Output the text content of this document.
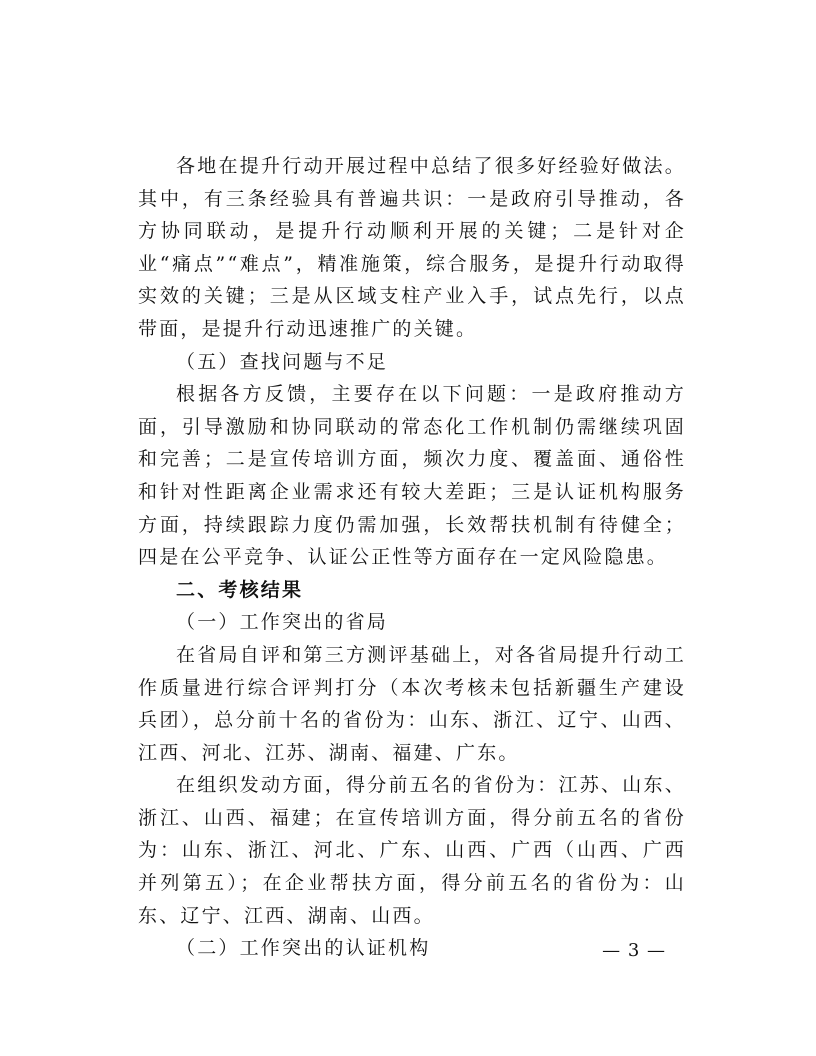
各地在提升行动开展过程中总结了很多好经验好做法。其中，有三条经验具有普遍共识：一是政府引导推动，各方协同联动，是提升行动顺利开展的关键；二是针对企业“痛点”“难点”，精准施策，综合服务，是提升行动取得实效的关键；三是从区域支柱产业入手，试点先行，以点带面，是提升行动迅速推广的关键。

（五）查找问题与不足

根据各方反馈，主要存在以下问题：一是政府推动方面，引导激励和协同联动的常态化工作机制仍需继续巩固和完善；二是宣传培训方面，频次力度、覆盖面、通俗性和针对性距离企业需求还有较大差距；三是认证机构服务方面，持续跟踪力度仍需加强，长效帮扶机制有待健全；四是在公平竞争、认证公正性等方面存在一定风险隐患。

二、考核结果

（一）工作突出的省局

在省局自评和第三方测评基础上，对各省局提升行动工作质量进行综合评判打分（本次考核未包括新疆生产建设兵团），总分前十名的省份为：山东、浙江、辽宁、山西、江西、河北、江苏、湖南、福建、广东。

在组织发动方面，得分前五名的省份为：江苏、山东、浙江、山西、福建；在宣传培训方面，得分前五名的省份为：山东、浙江、河北、广东、山西、广西（山西、广西并列第五）；在企业帮扶方面，得分前五名的省份为：山东、辽宁、江西、湖南、山西。

（二）工作突出的认证机构	— 3 —
